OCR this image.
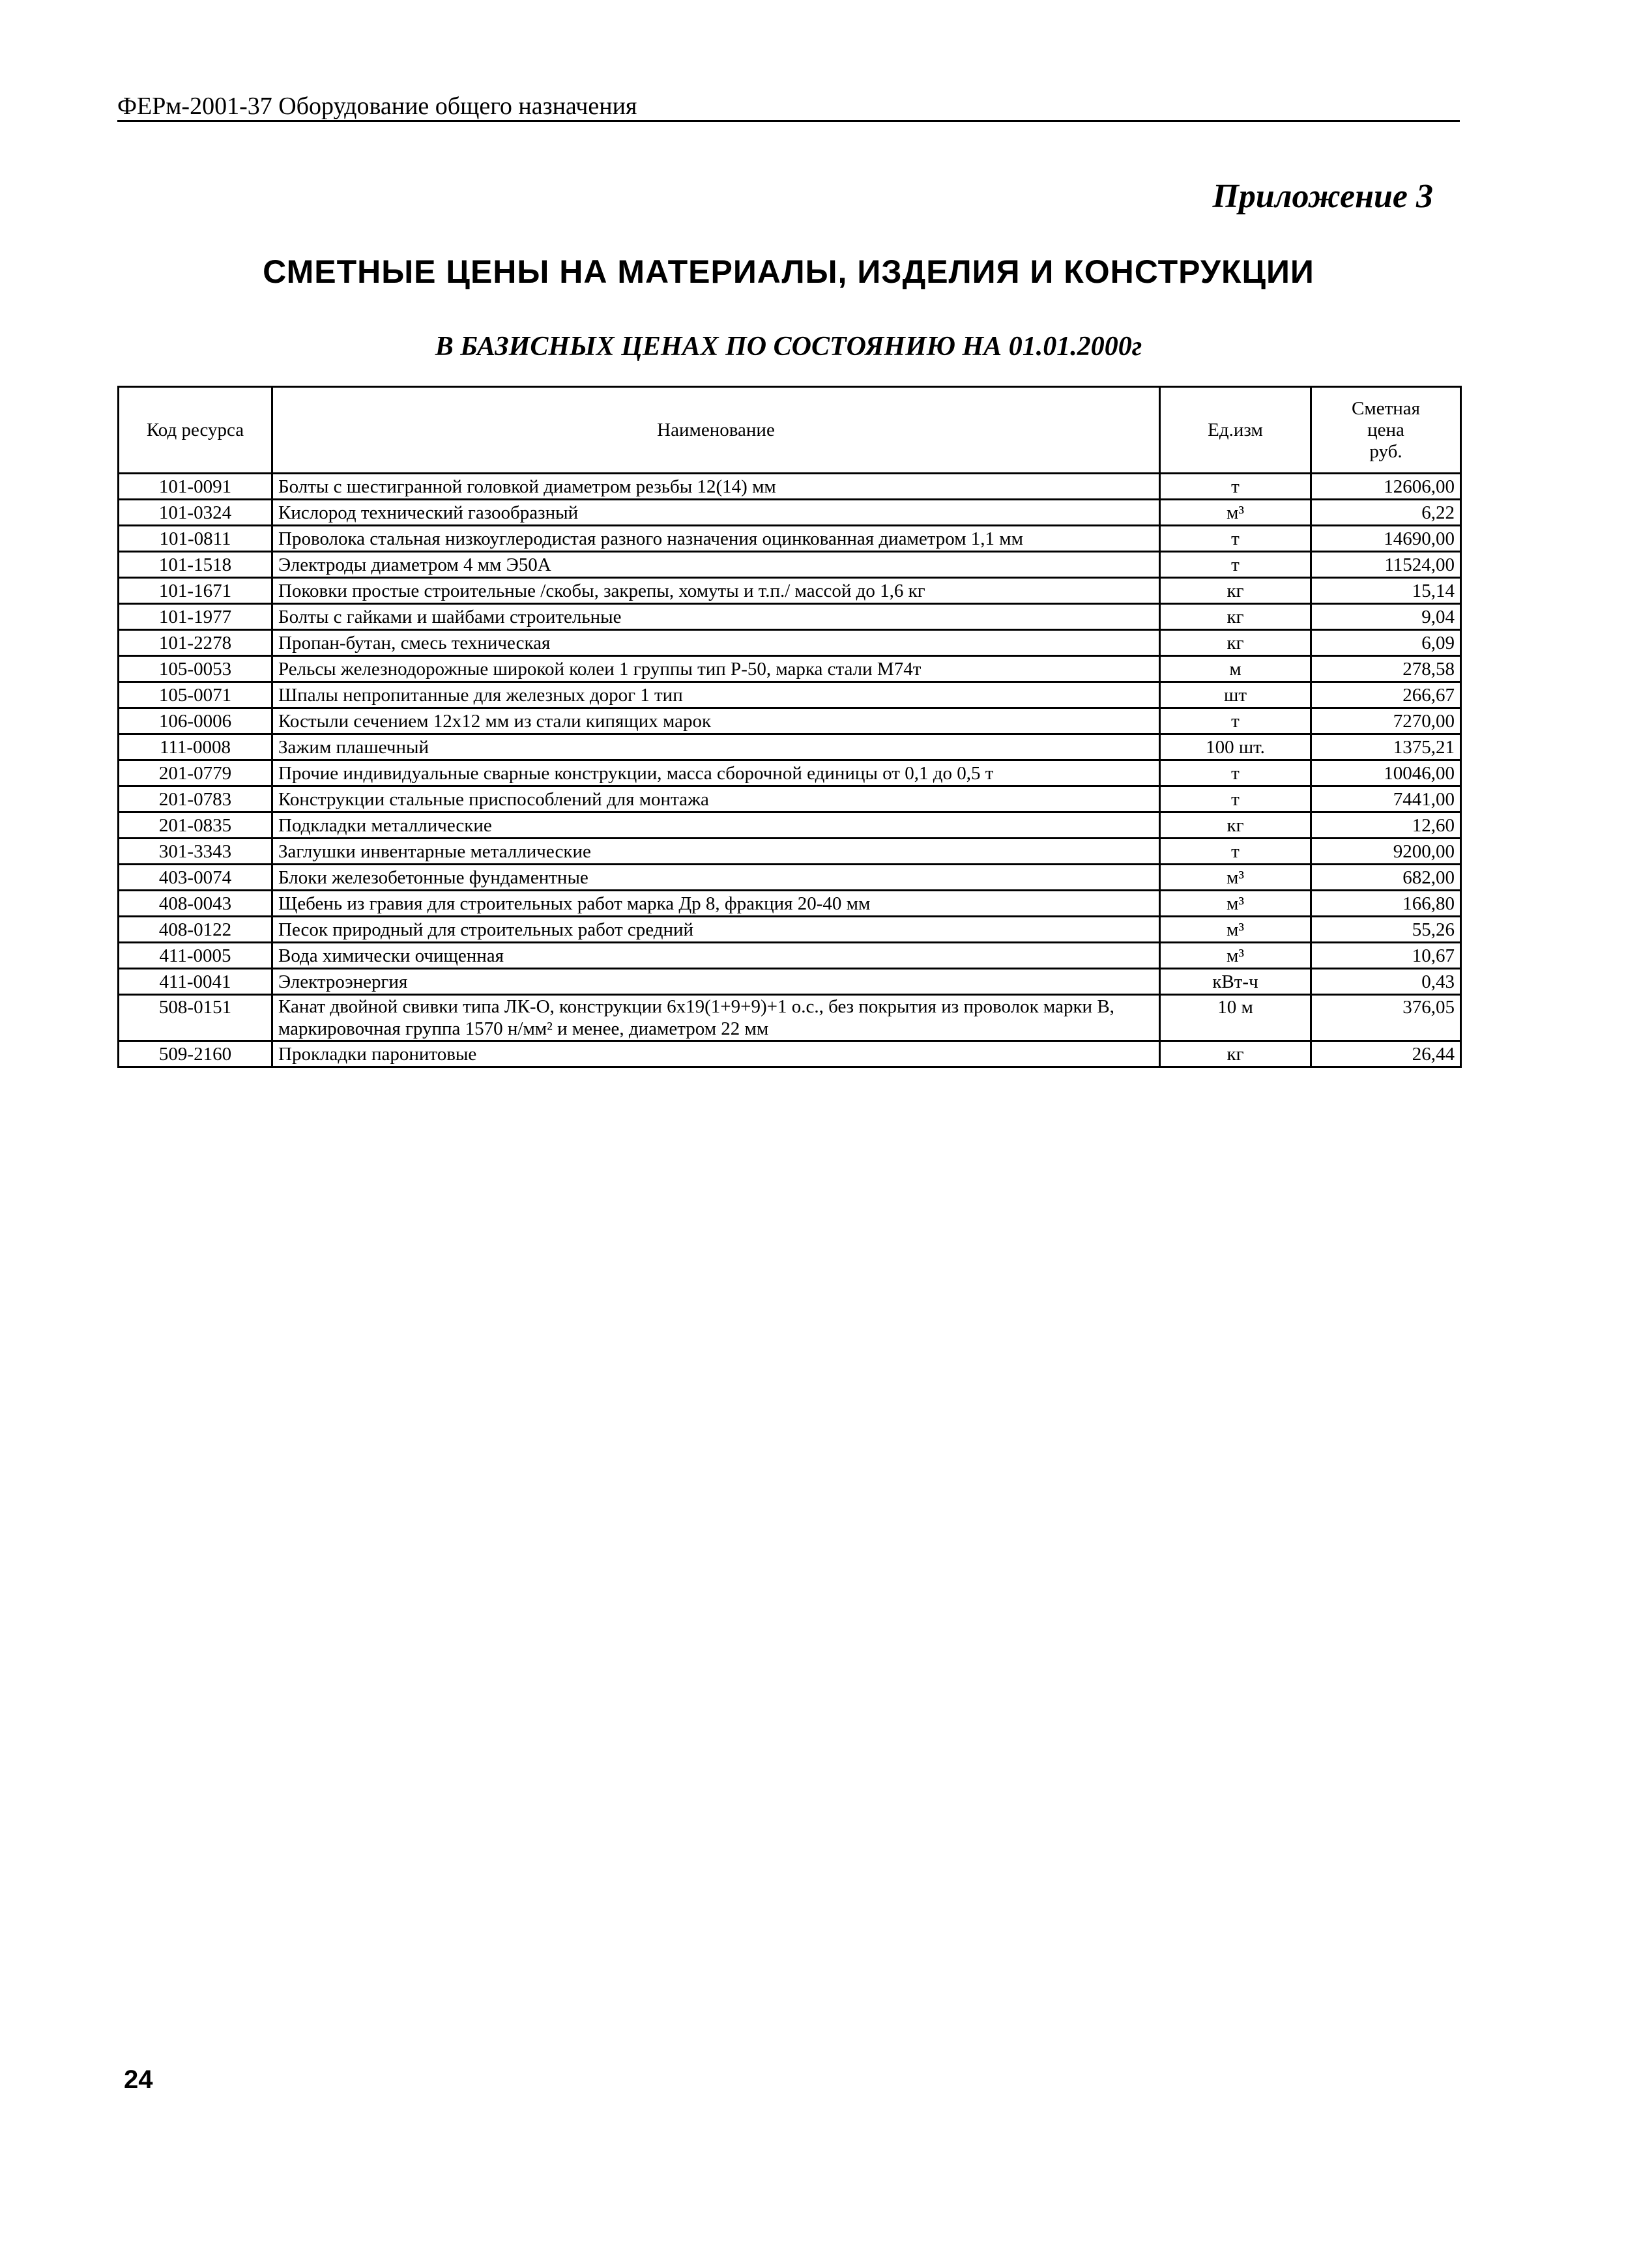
ФЕРм-2001-37 Оборудование общего назначения
Приложение 3
СМЕТНЫЕ ЦЕНЫ НА МАТЕРИАЛЫ, ИЗДЕЛИЯ И КОНСТРУКЦИИ
В БАЗИСНЫХ ЦЕНАХ ПО СОСТОЯНИЮ НА 01.01.2000г
Код ресурса	Наименование	Ед.изм	Сметная
цена
руб.

101-0091	Болты с шестигранной головкой диаметром резьбы 12(14) мм	т	12606,00
101-0324	Кислород технический газообразный	м³	6,22
101-0811	Проволока стальная низкоуглеродистая разного назначения оцинкованная диаметром 1,1 мм	т	14690,00
101-1518	Электроды диаметром 4 мм Э50А	т	11524,00
101-1671	Поковки простые строительные /скобы, закрепы, хомуты и т.п./ массой до 1,6 кг	кг	15,14
101-1977	Болты с гайками и шайбами строительные	кг	9,04
101-2278	Пропан-бутан, смесь техническая	кг	6,09
105-0053	Рельсы железнодорожные широкой колеи 1 группы тип Р-50, марка стали М74т	м	278,58
105-0071	Шпалы непропитанные для железных дорог 1 тип	шт	266,67
106-0006	Костыли сечением 12х12 мм из стали кипящих марок	т	7270,00
111-0008	Зажим плашечный	100 шт.	1375,21
201-0779	Прочие индивидуальные сварные конструкции, масса сборочной единицы от 0,1 до 0,5 т	т	10046,00
201-0783	Конструкции стальные приспособлений для монтажа	т	7441,00
201-0835	Подкладки металлические	кг	12,60
301-3343	Заглушки инвентарные металлические	т	9200,00
403-0074	Блоки железобетонные фундаментные	м³	682,00
408-0043	Щебень из гравия для строительных работ марка Др 8, фракция 20-40 мм	м³	166,80
408-0122	Песок природный для строительных работ средний	м³	55,26
411-0005	Вода химически очищенная	м³	10,67
411-0041	Электроэнергия	кВт-ч	0,43
508-0151	Канат двойной свивки типа ЛК-О, конструкции 6х19(1+9+9)+1 о.с., без покрытия из проволок марки В, маркировочная группа 1570 н/мм² и менее, диаметром 22 мм	10 м	376,05
509-2160	Прокладки паронитовые	кг	26,44
24
